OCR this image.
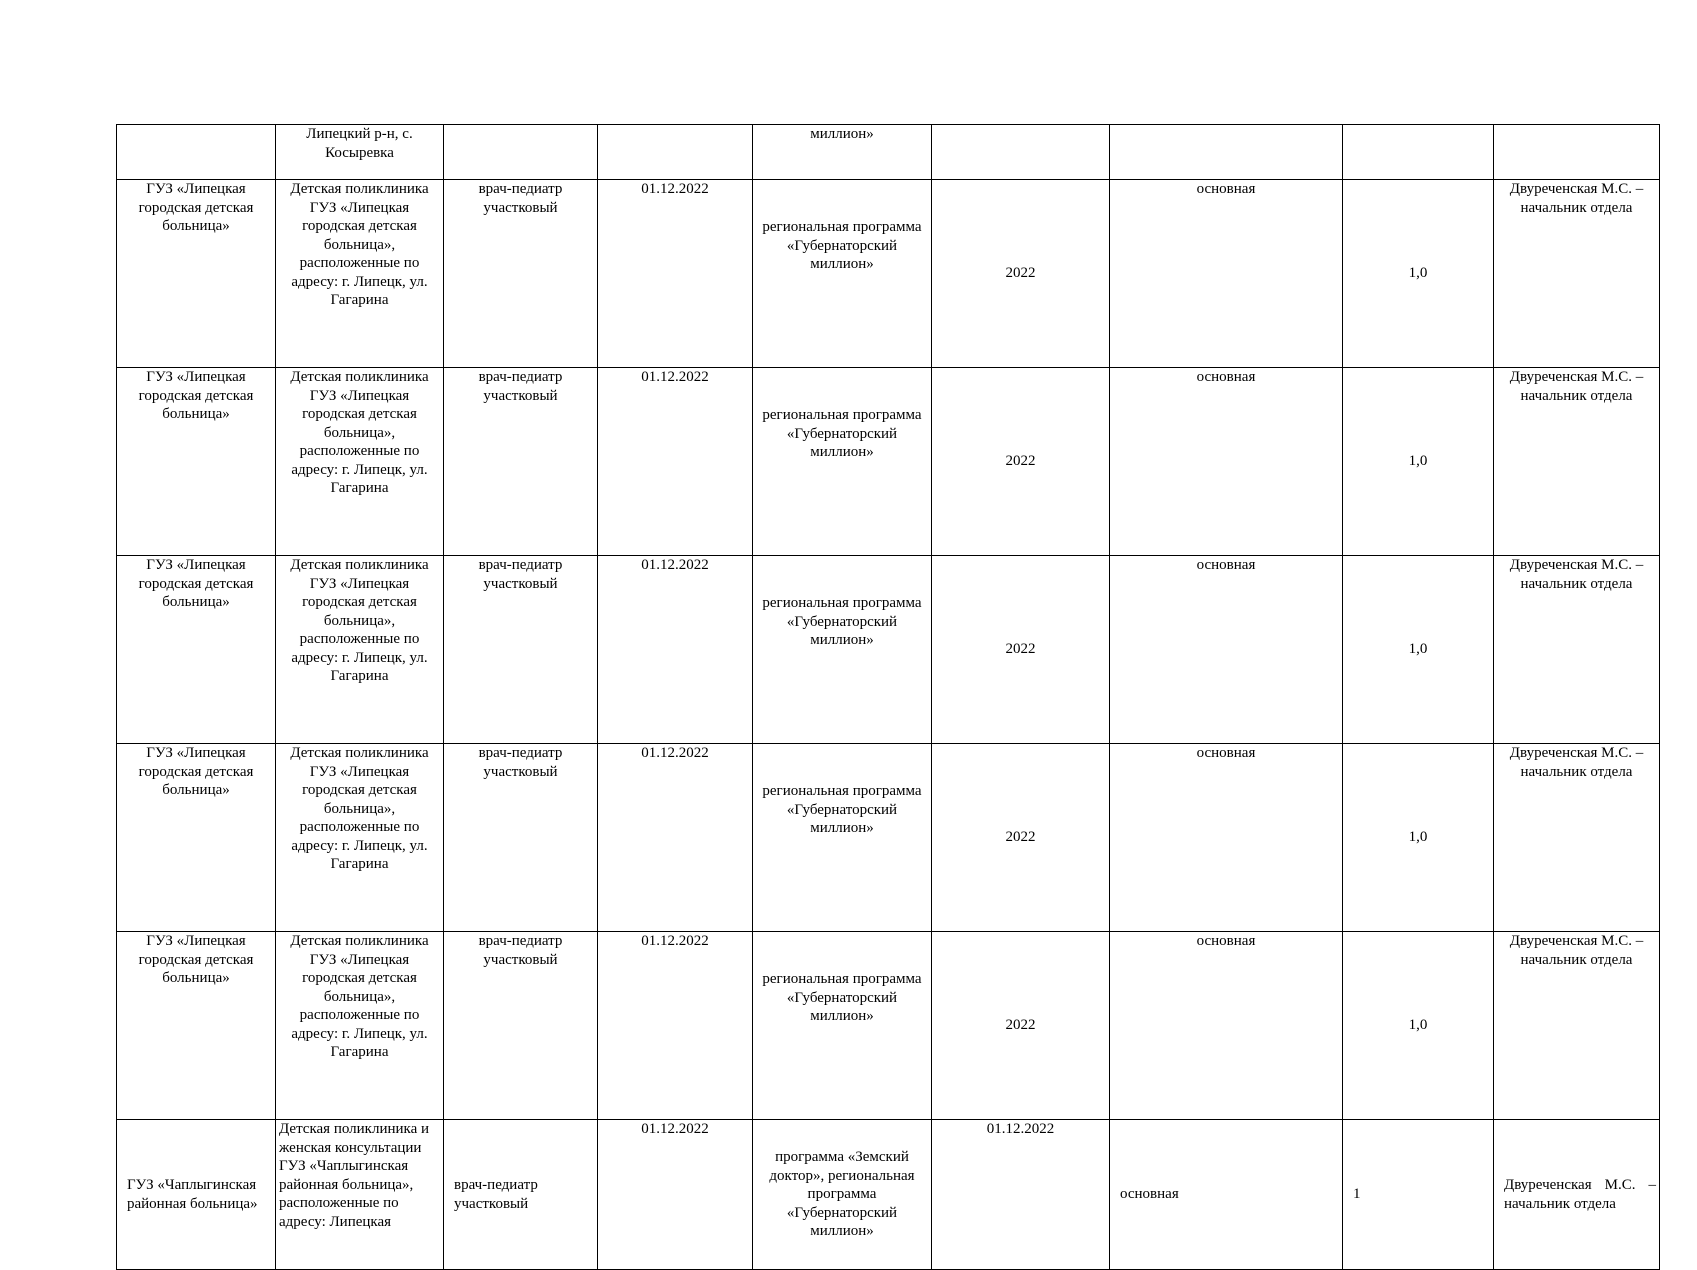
	Липецкий р-н, с. Косыревка			миллион»				
ГУЗ «Липецкая городская детская больница»	Детская поликлиника ГУЗ «Липецкая городская детская больница», расположенные по адресу: г. Липецк, ул. Гагарина	врач-педиатр участковый	01.12.2022	региональная программа «Губернаторский миллион»	2022	основная	1,0	Двуреченская М.С. – начальник отдела
ГУЗ «Липецкая городская детская больница»	Детская поликлиника ГУЗ «Липецкая городская детская больница», расположенные по адресу: г. Липецк, ул. Гагарина	врач-педиатр участковый	01.12.2022	региональная программа «Губернаторский миллион»	2022	основная	1,0	Двуреченская М.С. – начальник отдела
ГУЗ «Липецкая городская детская больница»	Детская поликлиника ГУЗ «Липецкая городская детская больница», расположенные по адресу: г. Липецк, ул. Гагарина	врач-педиатр участковый	01.12.2022	региональная программа «Губернаторский миллион»	2022	основная	1,0	Двуреченская М.С. – начальник отдела
ГУЗ «Липецкая городская детская больница»	Детская поликлиника ГУЗ «Липецкая городская детская больница», расположенные по адресу: г. Липецк, ул. Гагарина	врач-педиатр участковый	01.12.2022	региональная программа «Губернаторский миллион»	2022	основная	1,0	Двуреченская М.С. – начальник отдела
ГУЗ «Липецкая городская детская больница»	Детская поликлиника ГУЗ «Липецкая городская детская больница», расположенные по адресу: г. Липецк, ул. Гагарина	врач-педиатр участковый	01.12.2022	региональная программа «Губернаторский миллион»	2022	основная	1,0	Двуреченская М.С. – начальник отдела
ГУЗ «Чаплыгинская районная больница»	Детская поликлиника и женская консультации ГУЗ «Чаплыгинская районная больница», расположенные по адресу: Липецкая	врач-педиатр участковый	01.12.2022	программа «Земский доктор», региональная программа «Губернаторский миллион»	01.12.2022	основная	1	Двуреченская М.С. – начальник отдела
